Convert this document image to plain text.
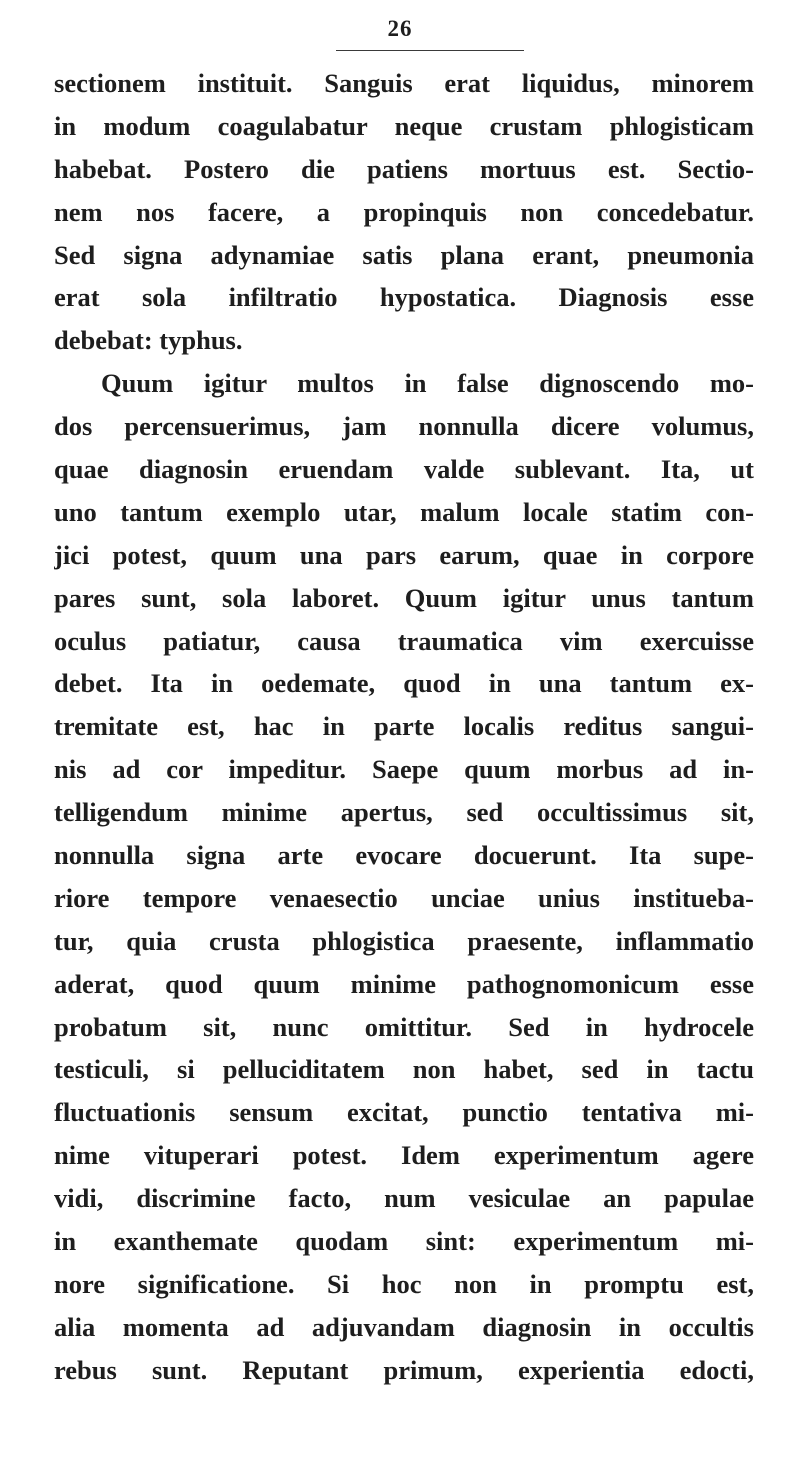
26
sectionem instituit. Sanguis erat liquidus, minorem
in modum coagulabatur neque crustam phlogisticam
habebat. Postero die patiens mortuus est. Sectio-
nem nos facere, a propinquis non concedebatur.
Sed signa adynamiae satis plana erant, pneumonia
erat sola infiltratio hypostatica. Diagnosis esse
debebat: typhus.
Quum igitur multos in false dignoscendo mo-
dos percensuerimus, jam nonnulla dicere volumus,
quae diagnosin eruendam valde sublevant. Ita, ut
uno tantum exemplo utar, malum locale statim con-
jici potest, quum una pars earum, quae in corpore
pares sunt, sola laboret. Quum igitur unus tantum
oculus patiatur, causa traumatica vim exercuisse
debet. Ita in oedemate, quod in una tantum ex-
tremitate est, hac in parte localis reditus sangui-
nis ad cor impeditur. Saepe quum morbus ad in-
telligendum minime apertus, sed occultissimus sit,
nonnulla signa arte evocare docuerunt. Ita supe-
riore tempore venaesectio unciae unius institueba-
tur, quia crusta phlogistica praesente, inflammatio
aderat, quod quum minime pathognomonicum esse
probatum sit, nunc omittitur. Sed in hydrocele
testiculi, si pelluciditatem non habet, sed in tactu
fluctuationis sensum excitat, punctio tentativa mi-
nime vituperari potest. Idem experimentum agere
vidi, discrimine facto, num vesiculae an papulae
in exanthemate quodam sint: experimentum mi-
nore significatione. Si hoc non in promptu est,
alia momenta ad adjuvandam diagnosin in occultis
rebus sunt. Reputant primum, experientia edocti,
